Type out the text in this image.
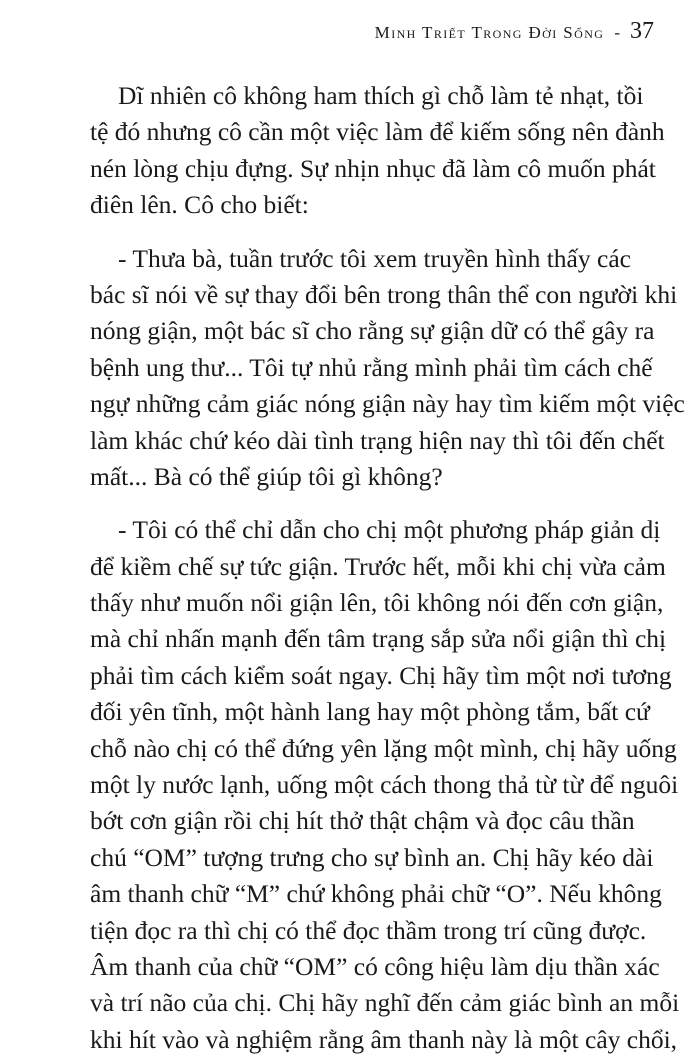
Minh Triết Trong Đời Sống - 37
Dĩ nhiên cô không ham thích gì chỗ làm tẻ nhạt, tồi
tệ đó nhưng cô cần một việc làm để kiếm sống nên đành
nén lòng chịu đựng. Sự nhịn nhục đã làm cô muốn phát
điên lên. Cô cho biết:
- Thưa bà, tuần trước tôi xem truyền hình thấy các
bác sĩ nói về sự thay đổi bên trong thân thể con người khi
nóng giận, một bác sĩ cho rằng sự giận dữ có thể gây ra
bệnh ung thư... Tôi tự nhủ rằng mình phải tìm cách chế
ngự những cảm giác nóng giận này hay tìm kiếm một việc
làm khác chứ kéo dài tình trạng hiện nay thì tôi đến chết
mất... Bà có thể giúp tôi gì không?
- Tôi có thể chỉ dẫn cho chị một phương pháp giản dị
để kiềm chế sự tức giận. Trước hết, mỗi khi chị vừa cảm
thấy như muốn nổi giận lên, tôi không nói đến cơn giận,
mà chỉ nhấn mạnh đến tâm trạng sắp sửa nổi giận thì chị
phải tìm cách kiểm soát ngay. Chị hãy tìm một nơi tương
đối yên tĩnh, một hành lang hay một phòng tắm, bất cứ
chỗ nào chị có thể đứng yên lặng một mình, chị hãy uống
một ly nước lạnh, uống một cách thong thả từ từ để nguôi
bớt cơn giận rồi chị hít thở thật chậm và đọc câu thần
chú “OM” tượng trưng cho sự bình an. Chị hãy kéo dài
âm thanh chữ “M” chứ không phải chữ “O”. Nếu không
tiện đọc ra thì chị có thể đọc thầm trong trí cũng được.
Âm thanh của chữ “OM” có công hiệu làm dịu thần xác
và trí não của chị. Chị hãy nghĩ đến cảm giác bình an mỗi
khi hít vào và nghiệm rằng âm thanh này là một cây chổi,
